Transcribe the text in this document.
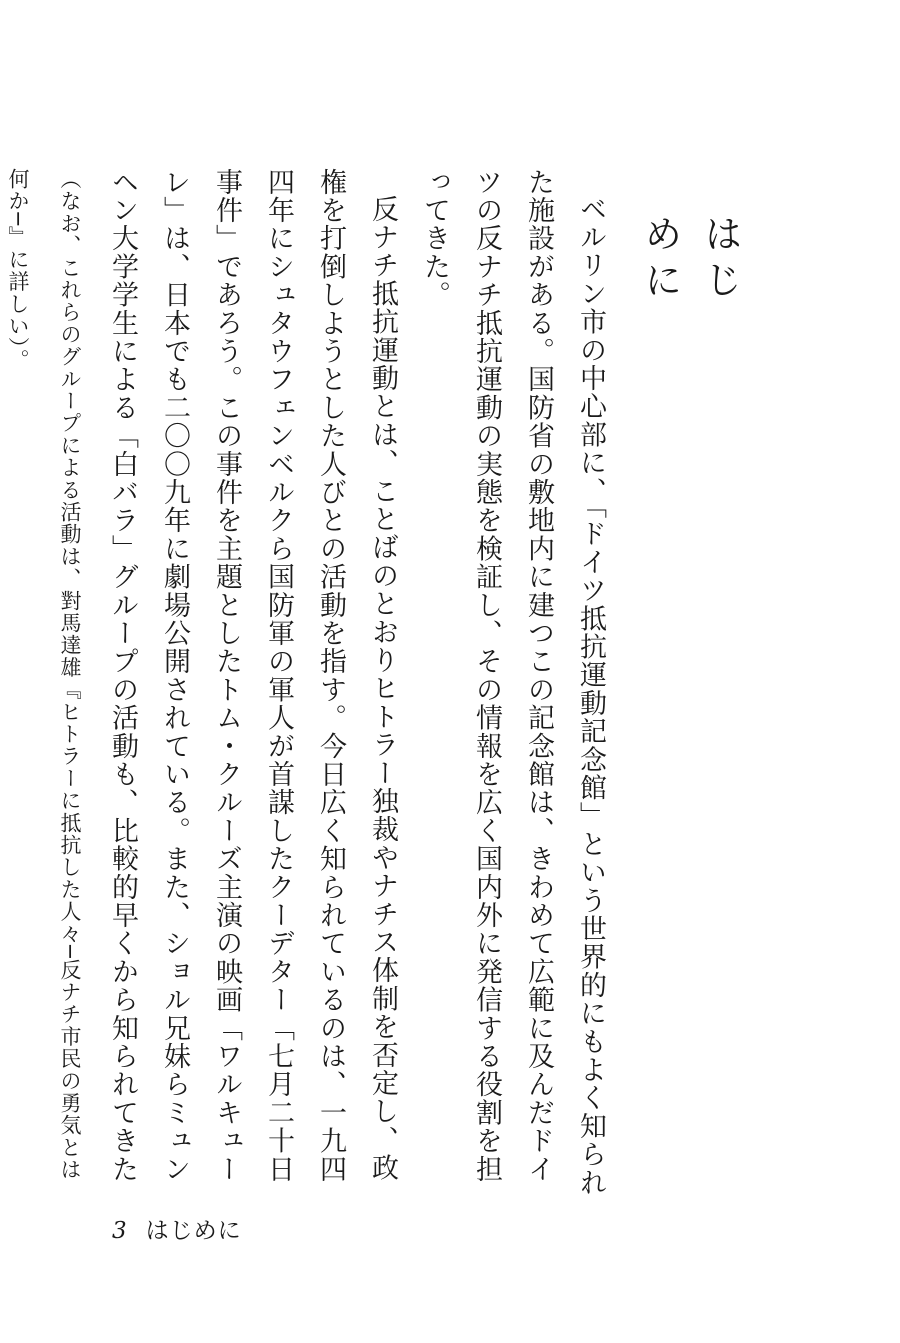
はじめに

ベルリン市の中心部に、「ドイツ抵抗運動記念館」という世界的にもよく知られた施設がある。国防省の敷地内に建つこの記念館は、きわめて広範に及んだドイツの反ナチ抵抗運動の実態を検証し、その情報を広く国内外に発信する役割を担ってきた。

反ナチ抵抗運動とは、ことばのとおりヒトラー独裁やナチス体制を否定し、政権を打倒しようとした人びとの活動を指す。今日広く知られているのは、一九四四年にシュタウフェンベルクら国防軍の軍人が首謀したクーデター「七月二十日事件」であろう。この事件を主題としたトム・クルーズ主演の映画「ワルキューレ」は、日本でも二〇〇九年に劇場公開されている。また、ショル兄妹らミュンヘン大学学生による「白バラ」グループの活動も、比較的早くから知られてきた（なお、これらのグループによる活動は、對馬達雄『ヒトラーに抵抗した人々─反ナチ市民の勇気とは何か─』に詳しい）。

3 はじめに
